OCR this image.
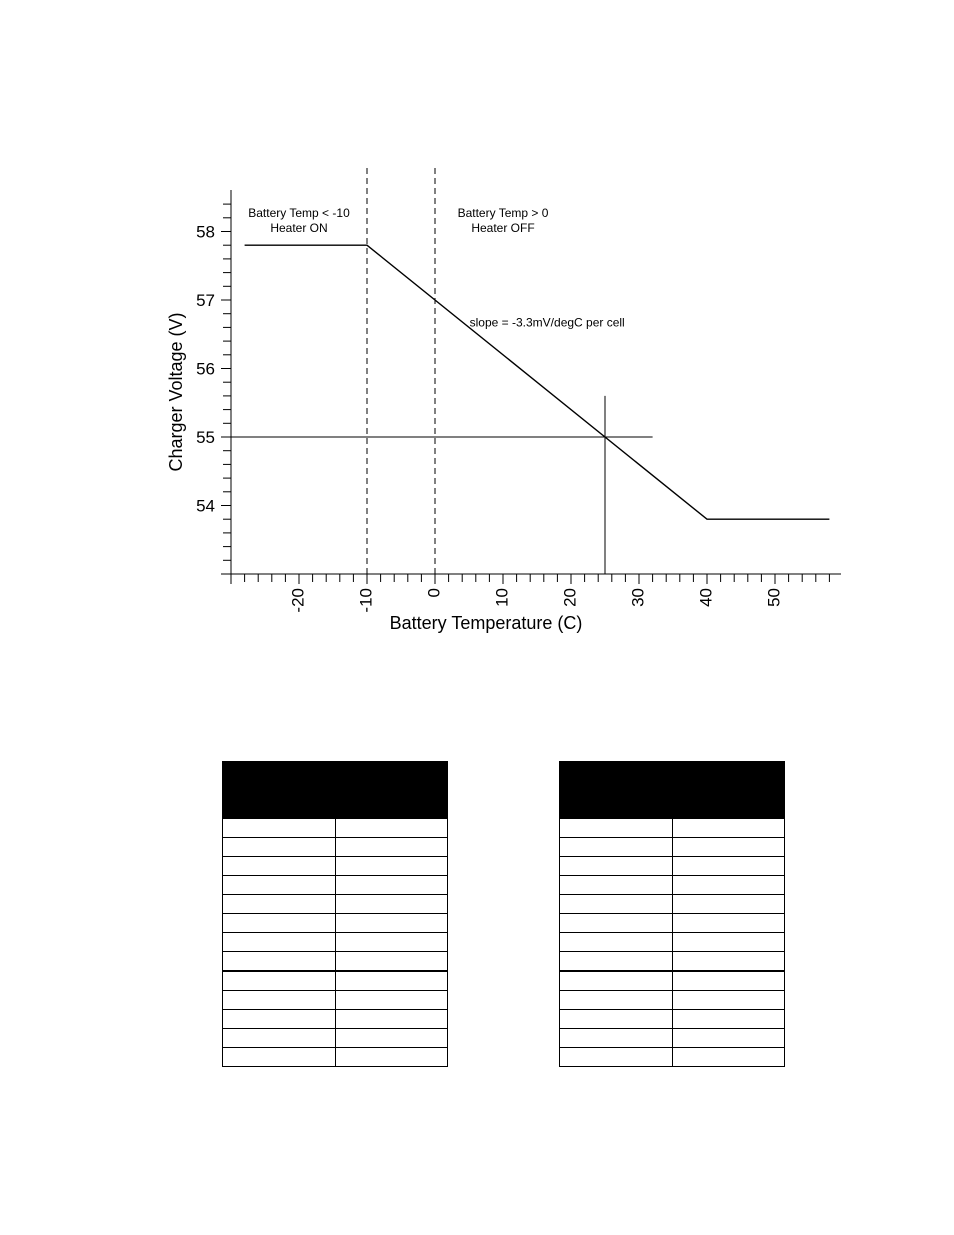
-20	-10	0	10	20	30	40	50
54
55
56
57
58
Battery Temperature (C)
Charger Voltage (V)
Battery Temp < -10
Heater ON
Battery Temp > 0
Heater OFF
slope = -3.3mV/degC per cell
